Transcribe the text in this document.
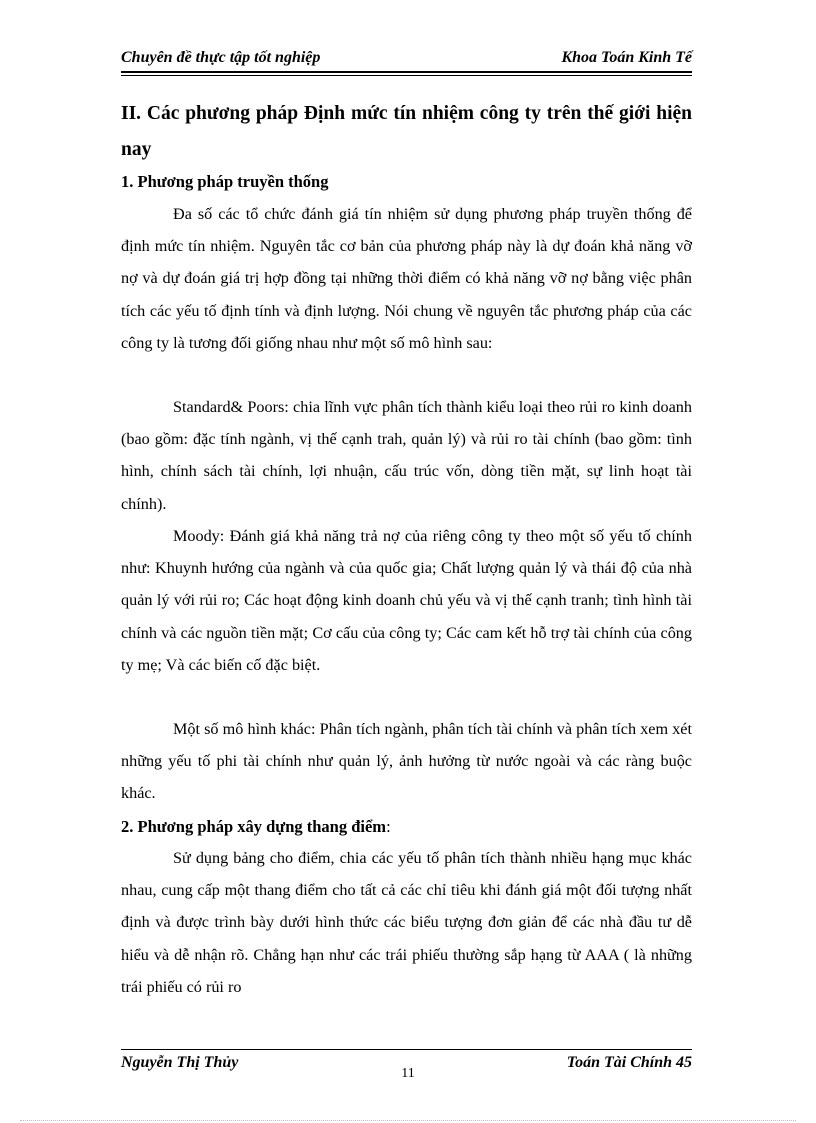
Chuyên đề thực tập tốt nghiệp	Khoa Toán Kinh Tế
II. Các phương pháp Định mức tín nhiệm công ty trên thế giới hiện nay
1. Phương pháp truyền thống

Đa số các tổ chức đánh giá tín nhiệm sử dụng phương pháp truyền thống để định mức tín nhiệm. Nguyên tắc cơ bản của phương pháp này là dự đoán khả năng vỡ nợ và dự đoán giá trị hợp đồng tại những thời điểm có khả năng vỡ nợ bằng việc phân tích các yếu tố định tính và định lượng. Nói chung về nguyên tắc phương pháp của các công ty là tương đối giống nhau như một số mô hình sau:

Standard& Poors: chia lĩnh vực phân tích thành kiểu loại theo rủi ro kinh doanh (bao gồm: đặc tính ngành, vị thế cạnh trah, quản lý) và rủi ro tài chính (bao gồm: tình hình, chính sách tài chính, lợi nhuận, cấu trúc vốn, dòng tiền mặt, sự linh hoạt tài chính).

Moody: Đánh giá khả năng trả nợ của riêng công ty theo một số yếu tố chính như: Khuynh hướng của ngành và của quốc gia; Chất lượng quản lý và thái độ của nhà quản lý với rủi ro; Các hoạt động kinh doanh chủ yếu và vị thế cạnh tranh; tình hình tài chính và các nguồn tiền mặt; Cơ cấu của công ty; Các cam kết hỗ trợ tài chính của công ty mẹ; Và các biến cố đặc biệt.

Một số mô hình khác: Phân tích ngành, phân tích tài chính và phân tích xem xét những yếu tố phi tài chính như quản lý, ảnh hưởng từ nước ngoài và các ràng buộc khác.

2. Phương pháp xây dựng thang điểm:

Sử dụng bảng cho điểm, chia các yếu tố phân tích thành nhiều hạng mục khác nhau, cung cấp một thang điểm cho tất cả các chỉ tiêu khi đánh giá một đối tượng nhất định và được trình bày dưới hình thức các biểu tượng đơn giản để các nhà đầu tư dễ hiểu và dễ nhận rõ. Chẳng hạn như các trái phiếu thường sắp hạng từ AAA ( là những trái phiếu có rủi ro

Nguyễn Thị Thủy	Toán Tài Chính 45
11
